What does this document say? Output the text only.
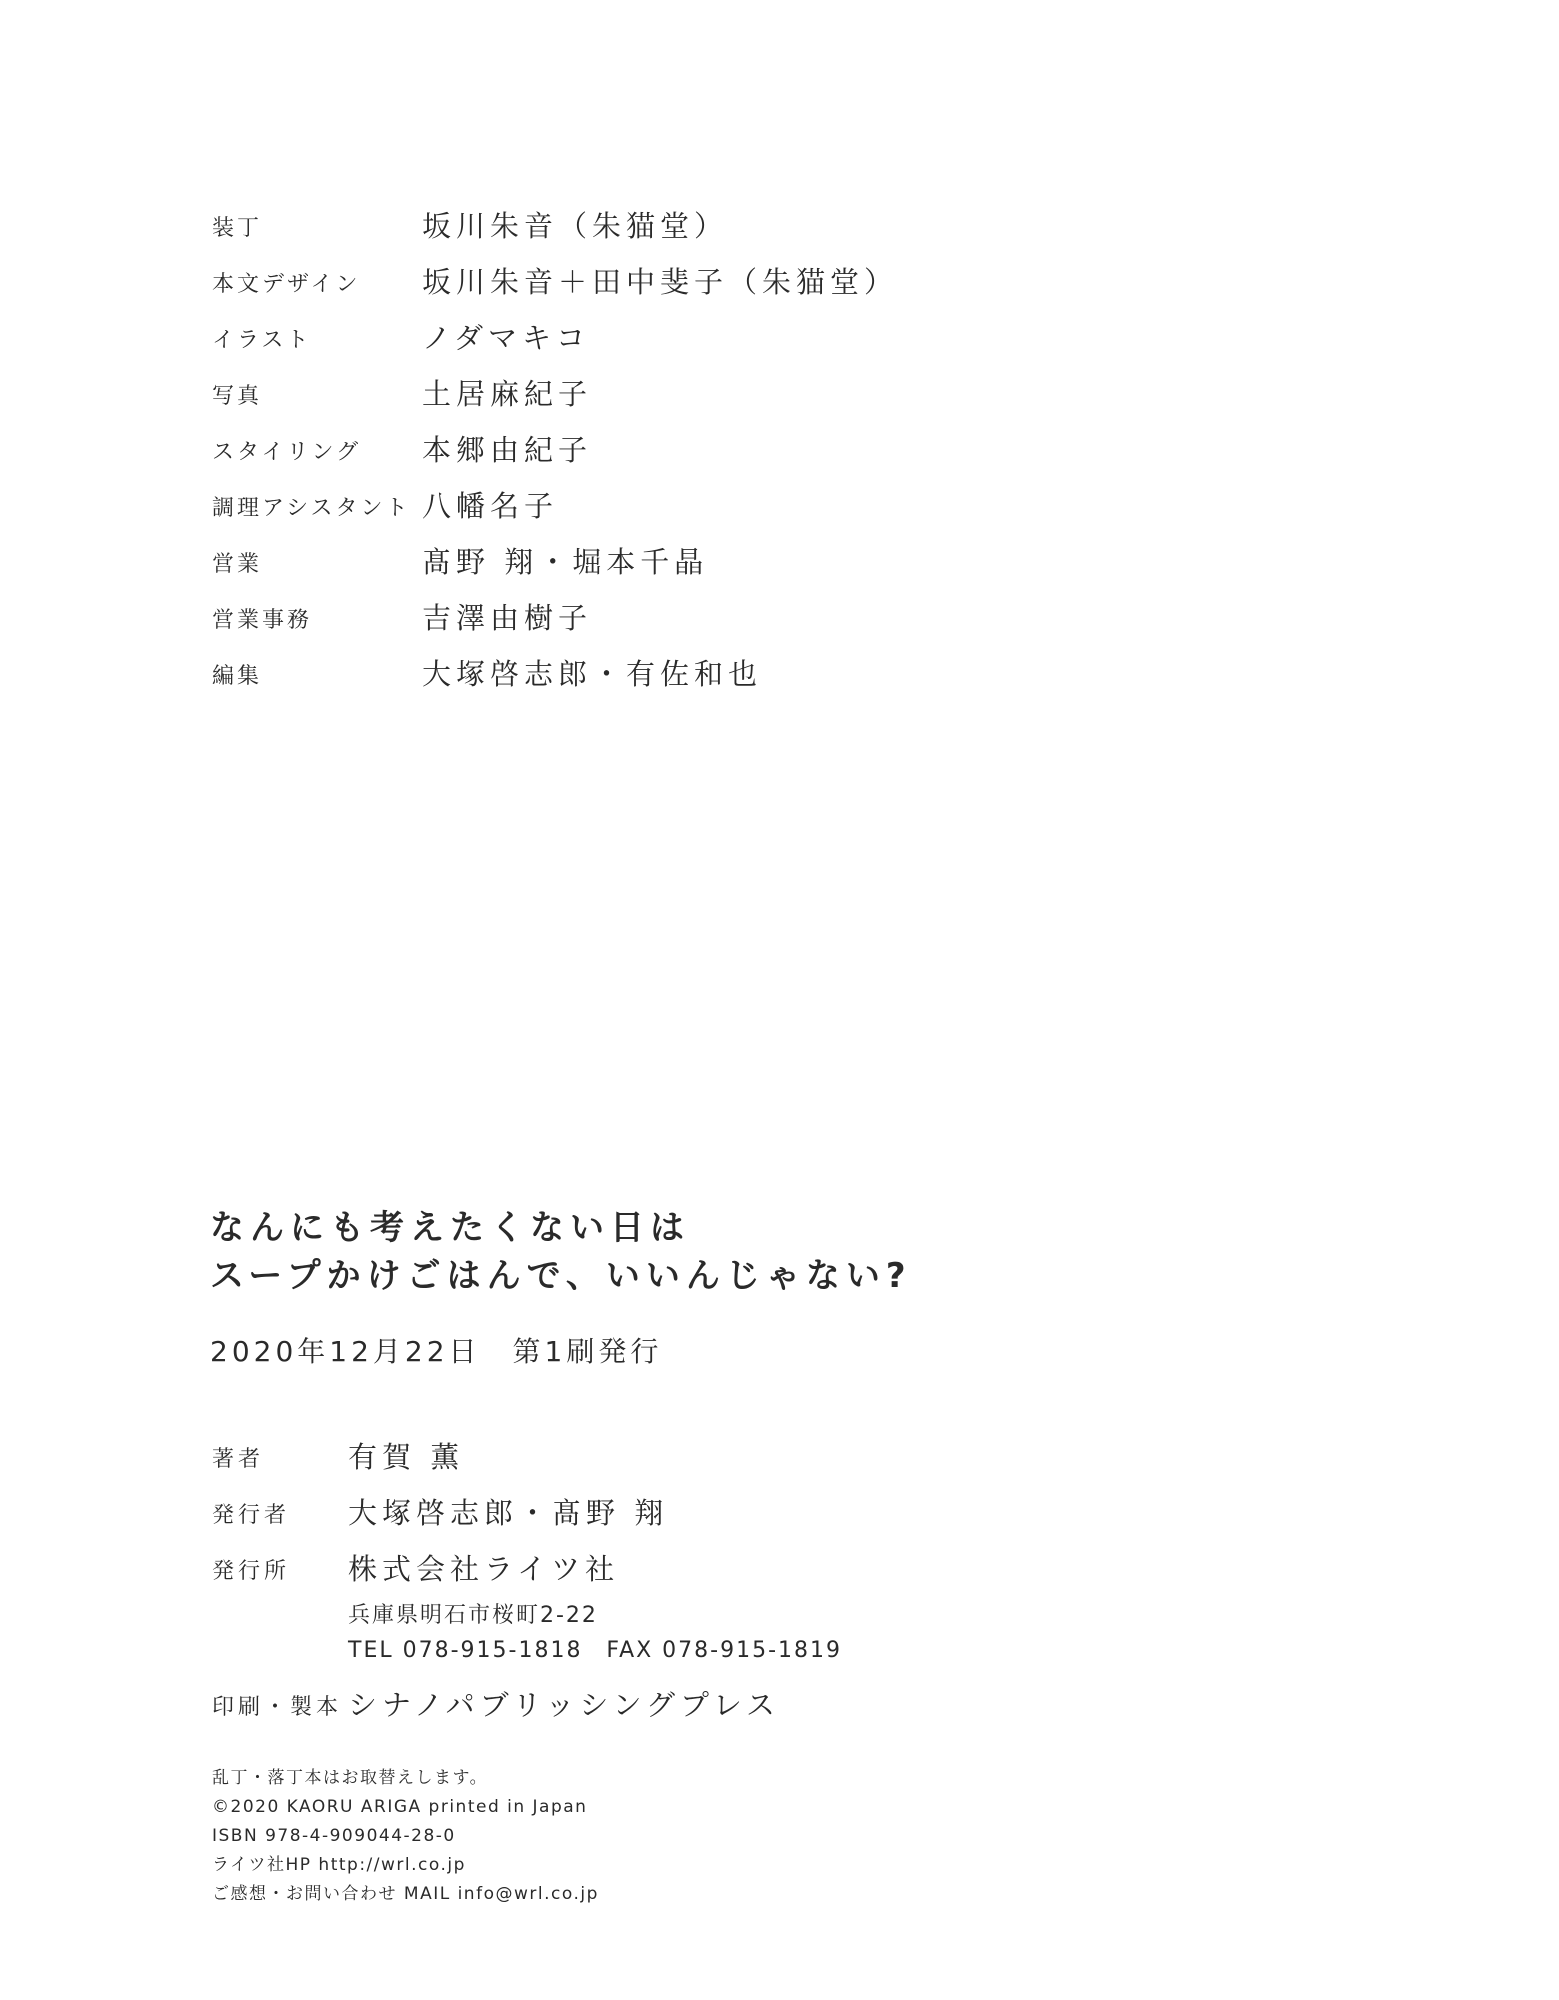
装丁	坂川朱音（朱猫堂）
本文デザイン 坂川朱音＋田中斐子（朱猫堂）
イラスト	ノダマキコ
写真	土居麻紀子
スタイリング 本郷由紀子
調理アシスタント 八幡名子
営業	髙野 翔・堀本千晶
営業事務	吉澤由樹子
編集	大塚啓志郎・有佐和也
なんにも考えたくない日は
スープかけごはんで、いいんじゃない?
2020年12月22日　第1刷発行
著者	有賀 薫
発行者 大塚啓志郎・髙野 翔
発行所 株式会社ライツ社
兵庫県明石市桜町2-22
TEL 078-915-1818　FAX 078-915-1819
印刷・製本 シナノパブリッシングプレス
乱丁・落丁本はお取替えします。
©2020 KAORU ARIGA printed in Japan
ISBN 978-4-909044-28-0
ライツ社HP http://wrl.co.jp
ご感想・お問い合わせ MAIL info@wrl.co.jp
